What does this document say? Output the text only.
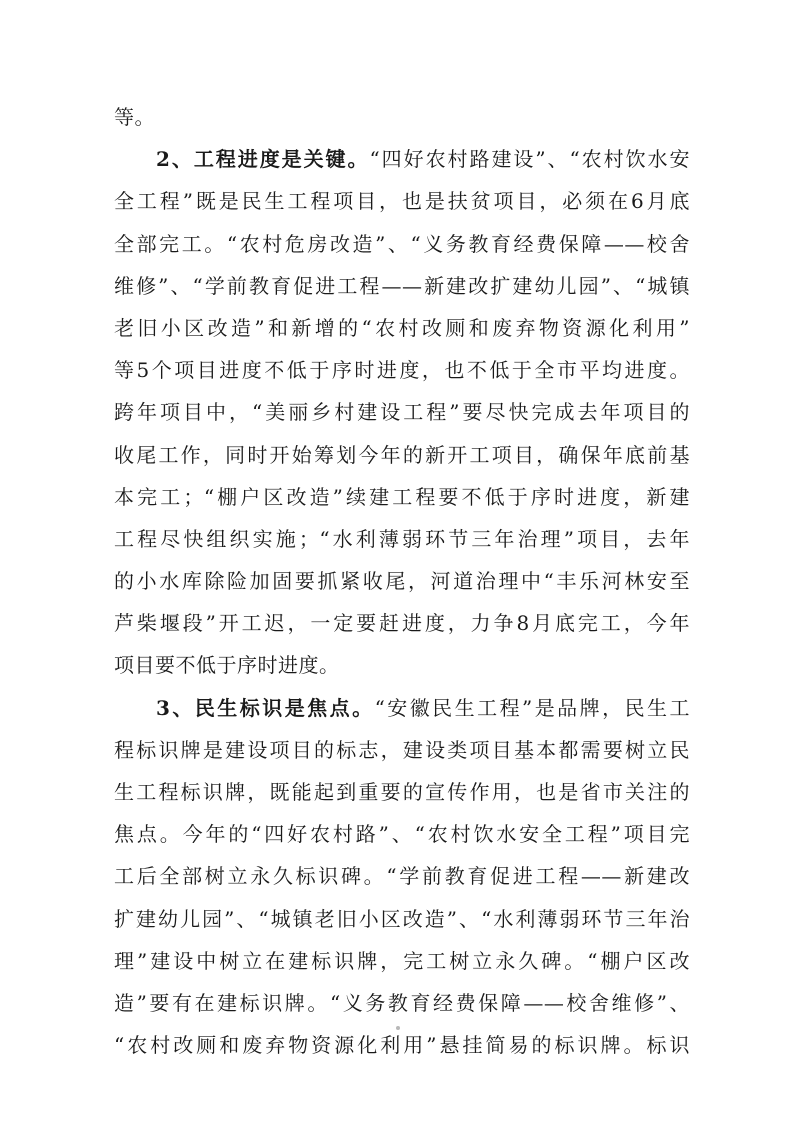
等。
2、工程进度是关键。“四好农村路建设”、“农村饮水安
全工程”既是民生工程项目，也是扶贫项目，必须在6月底
全部完工。“农村危房改造”、“义务教育经费保障——校舍
维修”、“学前教育促进工程——新建改扩建幼儿园”、“城镇
老旧小区改造”和新增的“农村改厕和废弃物资源化利用”
等5个项目进度不低于序时进度，也不低于全市平均进度。
跨年项目中，“美丽乡村建设工程”要尽快完成去年项目的
收尾工作，同时开始筹划今年的新开工项目，确保年底前基
本完工；“棚户区改造”续建工程要不低于序时进度，新建
工程尽快组织实施；“水利薄弱环节三年治理”项目，去年
的小水库除险加固要抓紧收尾，河道治理中“丰乐河林安至
芦柴堰段”开工迟，一定要赶进度，力争8月底完工，今年
项目要不低于序时进度。
3、民生标识是焦点。“安徽民生工程”是品牌，民生工
程标识牌是建设项目的标志，建设类项目基本都需要树立民
生工程标识牌，既能起到重要的宣传作用，也是省市关注的
焦点。今年的“四好农村路”、“农村饮水安全工程”项目完
工后全部树立永久标识碑。“学前教育促进工程——新建改
扩建幼儿园”、“城镇老旧小区改造”、“水利薄弱环节三年治
理”建设中树立在建标识牌，完工树立永久碑。“棚户区改
造”要有在建标识牌。“义务教育经费保障——校舍维修”、
“农村改厕和废弃物资源化利用”悬挂简易的标识牌。标识
